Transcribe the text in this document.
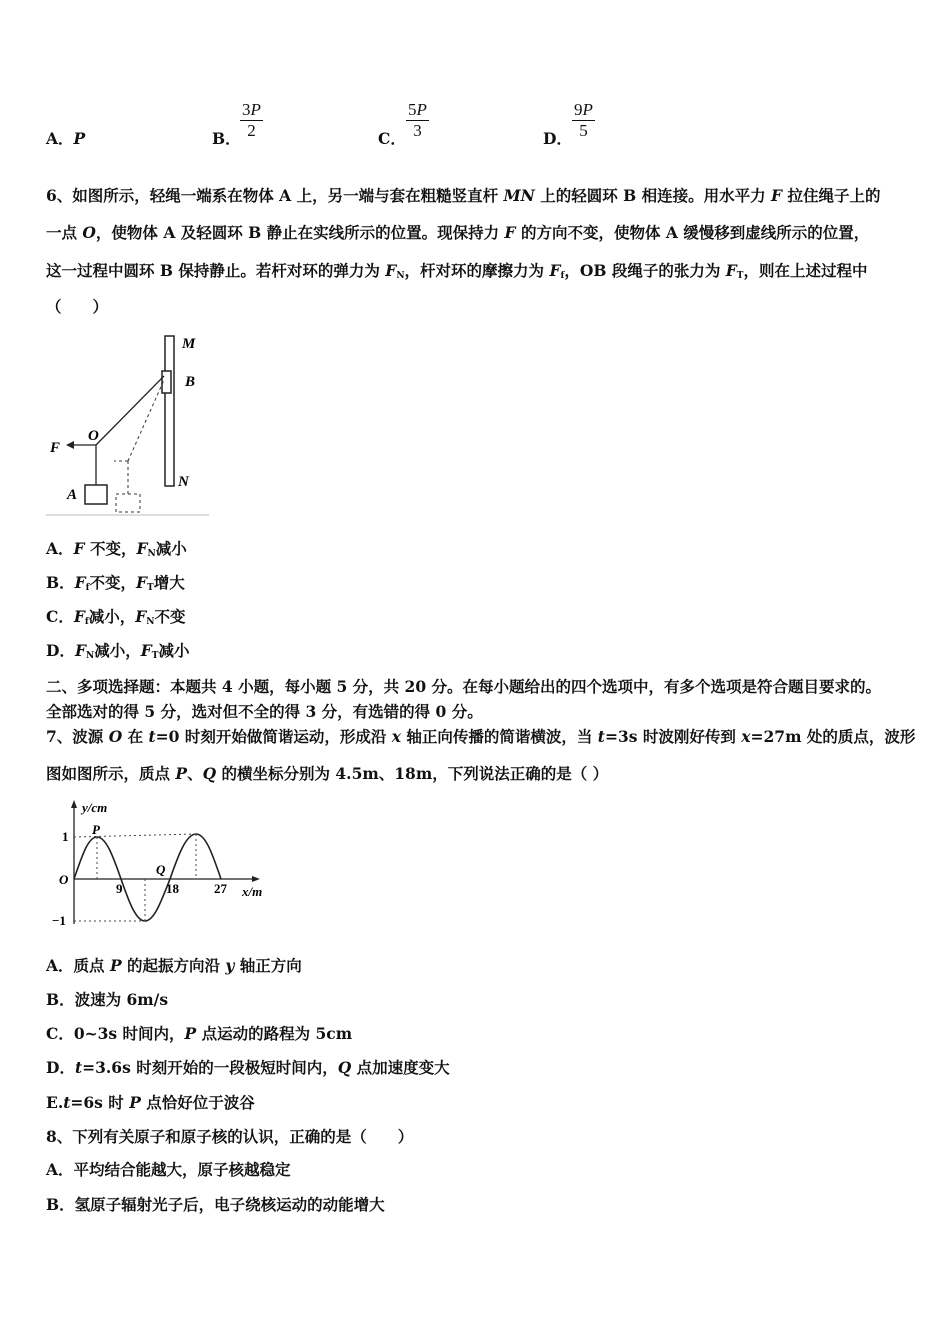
A．P	B． $\frac{3P}{2}$	C． $\frac{5P}{3}$	D． $\frac{9P}{5}$
6、如图所示，轻绳一端系在物体 A 上，另一端与套在粗糙竖直杆 MN 上的轻圆环 B 相连接。用水平力 F 拉住绳子上的
一点 O，使物体 A 及轻圆环 B 静止在实线所示的位置。现保持力 F 的方向不变，使物体 A 缓慢移到虚线所示的位置，
这一过程中圆环 B 保持静止。若杆对环的弹力为 $F_N$，杆对环的摩擦力为 $F_f$，OB 段绳子的张力为 $F_T$，则在上述过程中
（　　）
A．F 不变，$F_N$减小
B．$F_f$不变，$F_T$增大
C．$F_f$减小，$F_N$不变
D．$F_N$减小，$F_T$减小
二、多项选择题：本题共 4 小题，每小题 5 分，共 20 分。在每小题给出的四个选项中，有多个选项是符合题目要求的。
全部选对的得 5 分，选对但不全的得 3 分，有选错的得 0 分。
7、波源 O 在 t=0 时刻开始做简谐运动，形成沿 x 轴正向传播的简谐横波，当 t=3s 时波刚好传到 x=27m 处的质点，波形
图如图所示，质点 P、Q 的横坐标分别为 4.5m、18m，下列说法正确的是（ ）
A．质点 P 的起振方向沿 y 轴正方向
B．波速为 6m/s
C．0~3s 时间内，P 点运动的路程为 5cm
D．t=3.6s 时刻开始的一段极短时间内，Q 点加速度变大
E.t=6s 时 P 点恰好位于波谷
8、下列有关原子和原子核的认识，正确的是（　　）
A．平均结合能越大，原子核越稳定
B．氢原子辐射光子后，电子绕核运动的动能增大
M
B
N
O
F
A
y/cm
x/m
P
Q
O
1
−1
9	18	27
